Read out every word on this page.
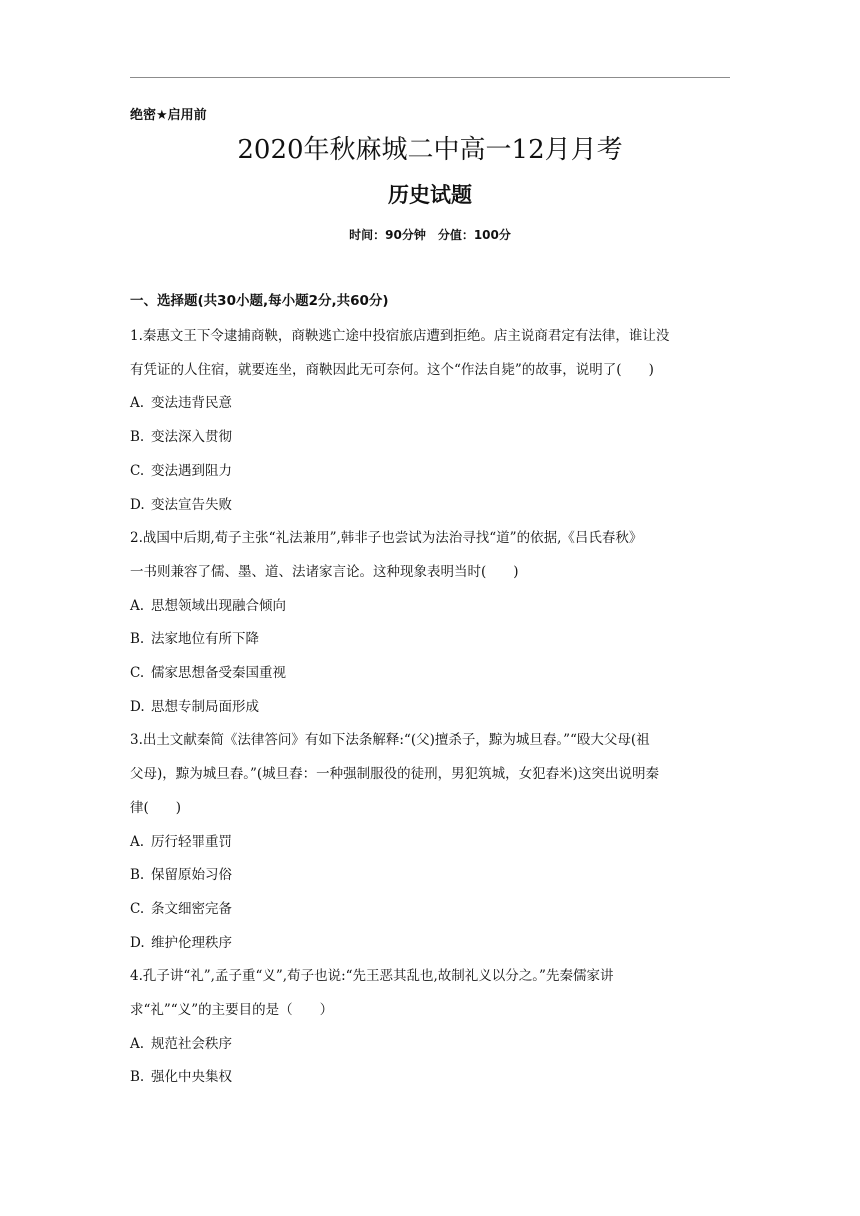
绝密★启用前
2020年秋麻城二中高一12月月考
历史试题
时间：90分钟　分值：100分
一、选择题(共30小题,每小题2分,共60分)

1.秦惠文王下令逮捕商鞅，商鞅逃亡途中投宿旅店遭到拒绝。店主说商君定有法律，谁让没

有凭证的人住宿，就要连坐，商鞅因此无可奈何。这个“作法自毙”的故事，说明了(　　)

A. 变法违背民意

B. 变法深入贯彻

C. 变法遇到阻力

D. 变法宣告失败

2.战国中后期,荀子主张“礼法兼用”,韩非子也尝试为法治寻找“道”的依据,《吕氏春秋》

一书则兼容了儒、墨、道、法诸家言论。这种现象表明当时(　　)

A. 思想领域出现融合倾向

B. 法家地位有所下降

C. 儒家思想备受秦国重视

D. 思想专制局面形成

3.出土文献秦简《法律答问》有如下法条解释:“(父)擅杀子，黥为城旦舂。”“殴大父母(祖

父母)，黥为城旦舂。”(城旦舂：一种强制服役的徒刑，男犯筑城，女犯舂米)这突出说明秦

律(　　)

A. 厉行轻罪重罚

B. 保留原始习俗

C. 条文细密完备

D. 维护伦理秩序

4.孔子讲“礼”,孟子重“义”,荀子也说:“先王恶其乱也,故制礼义以分之。”先秦儒家讲

求“礼”“义”的主要目的是（　　）

A. 规范社会秩序

B. 强化中央集权
